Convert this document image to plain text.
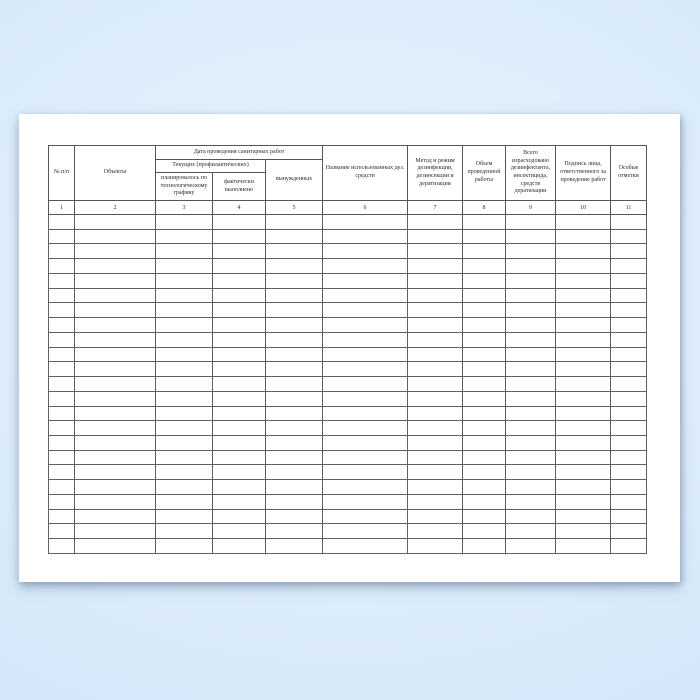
№ п/п	Объекты	Дата проведения санитарных работ			Название использованных дез. средств	Метод и режим дезинфекции, дезинсекции и дератизации	Объем проведенной работы	Всего израсходовано дезинфектанта, инсектицида, средств дератизации	Подпись лица, ответственного за проведение работ	Особые отметки
		Текущих (профилактических)		вынужденных						
		планировалось по технологическому графику	фактически выполнено							
1	2	3	4	5	6	7	8	9	10	11
